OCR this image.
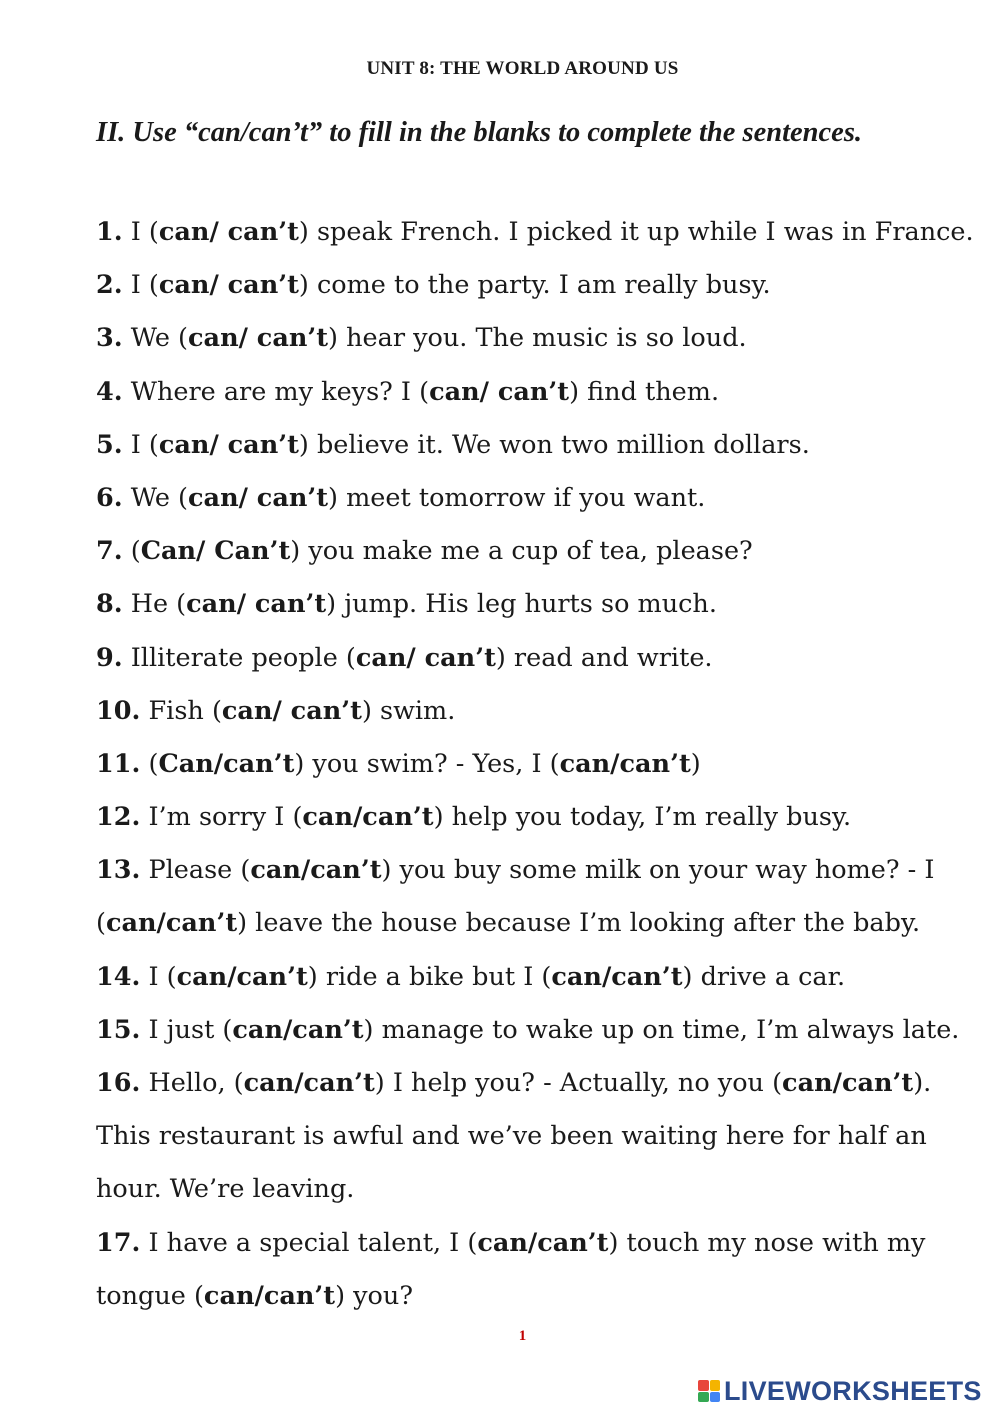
UNIT 8: THE WORLD AROUND US
II. Use “can/can’t” to fill in the blanks to complete the sentences.
1. I (can/ can’t) speak French. I picked it up while I was in France.
2. I (can/ can’t) come to the party. I am really busy.
3. We (can/ can’t) hear you. The music is so loud.
4. Where are my keys? I (can/ can’t) find them.
5. I (can/ can’t) believe it. We won two million dollars.
6. We (can/ can’t) meet tomorrow if you want.
7. (Can/ Can’t) you make me a cup of tea, please?
8. He (can/ can’t) jump. His leg hurts so much.
9. Illiterate people (can/ can’t) read and write.
10. Fish (can/ can’t) swim.
11. (Can/can’t) you swim? - Yes, I (can/can’t)
12. I’m sorry I (can/can’t) help you today, I’m really busy.
13. Please (can/can’t) you buy some milk on your way home? - I
(can/can’t) leave the house because I’m looking after the baby.
14. I (can/can’t) ride a bike but I (can/can’t) drive a car.
15. I just (can/can’t) manage to wake up on time, I’m always late.
16. Hello, (can/can’t) I help you? - Actually, no you (can/can’t).
This restaurant is awful and we’ve been waiting here for half an
hour. We’re leaving.
17. I have a special talent, I (can/can’t) touch my nose with my
tongue (can/can’t) you?
1
LIVEWORKSHEETS
